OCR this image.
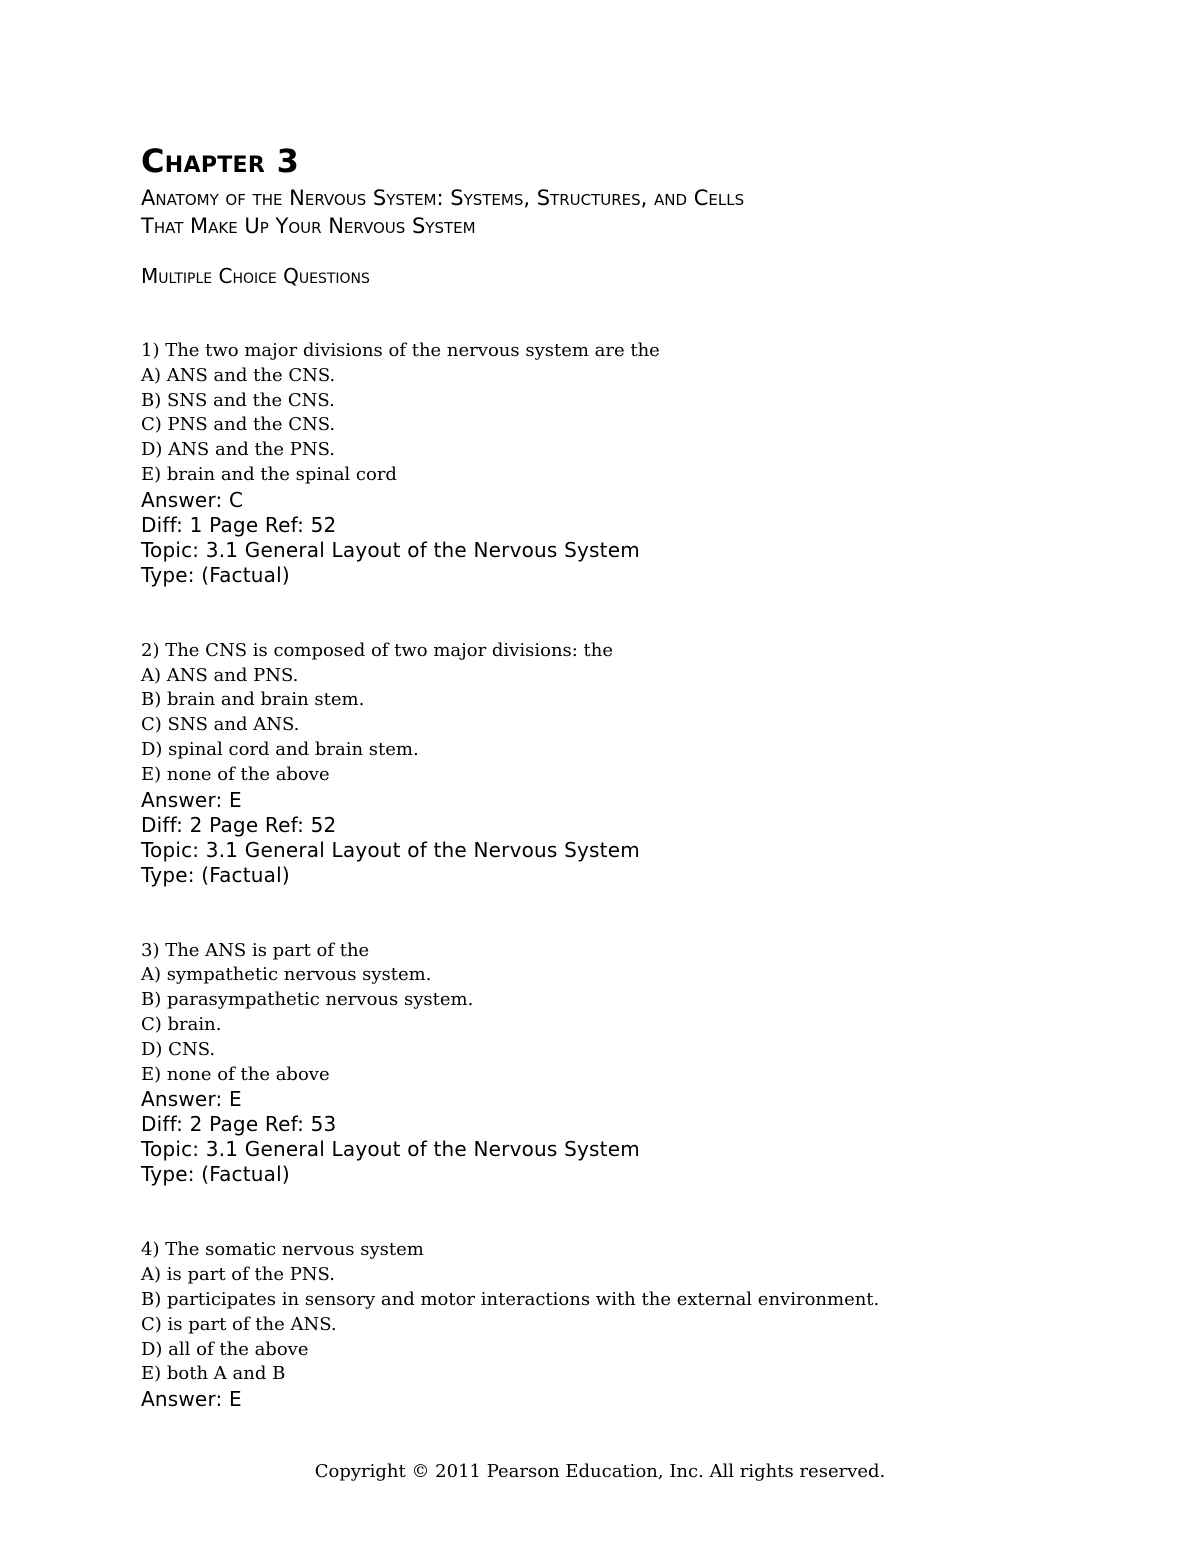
Chapter 3
Anatomy of the Nervous System: Systems, Structures, and Cells
That Make Up Your Nervous System
Multiple Choice Questions

1) The two major divisions of the nervous system are the

A) ANS and the CNS.

B) SNS and the CNS.

C) PNS and the CNS.

D) ANS and the PNS.

E) brain and the spinal cord

Answer: C

Diff: 1 Page Ref: 52

Topic: 3.1 General Layout of the Nervous System

Type: (Factual)

2) The CNS is composed of two major divisions: the

A) ANS and PNS.

B) brain and brain stem.

C) SNS and ANS.

D) spinal cord and brain stem.

E) none of the above

Answer: E

Diff: 2 Page Ref: 52

Topic: 3.1 General Layout of the Nervous System

Type: (Factual)

3) The ANS is part of the

A) sympathetic nervous system.

B) parasympathetic nervous system.

C) brain.

D) CNS.

E) none of the above

Answer: E

Diff: 2 Page Ref: 53

Topic: 3.1 General Layout of the Nervous System

Type: (Factual)

4) The somatic nervous system

A) is part of the PNS.

B) participates in sensory and motor interactions with the external environment.

C) is part of the ANS.

D) all of the above

E) both A and B

Answer: E

Copyright © 2011 Pearson Education, Inc. All rights reserved.
